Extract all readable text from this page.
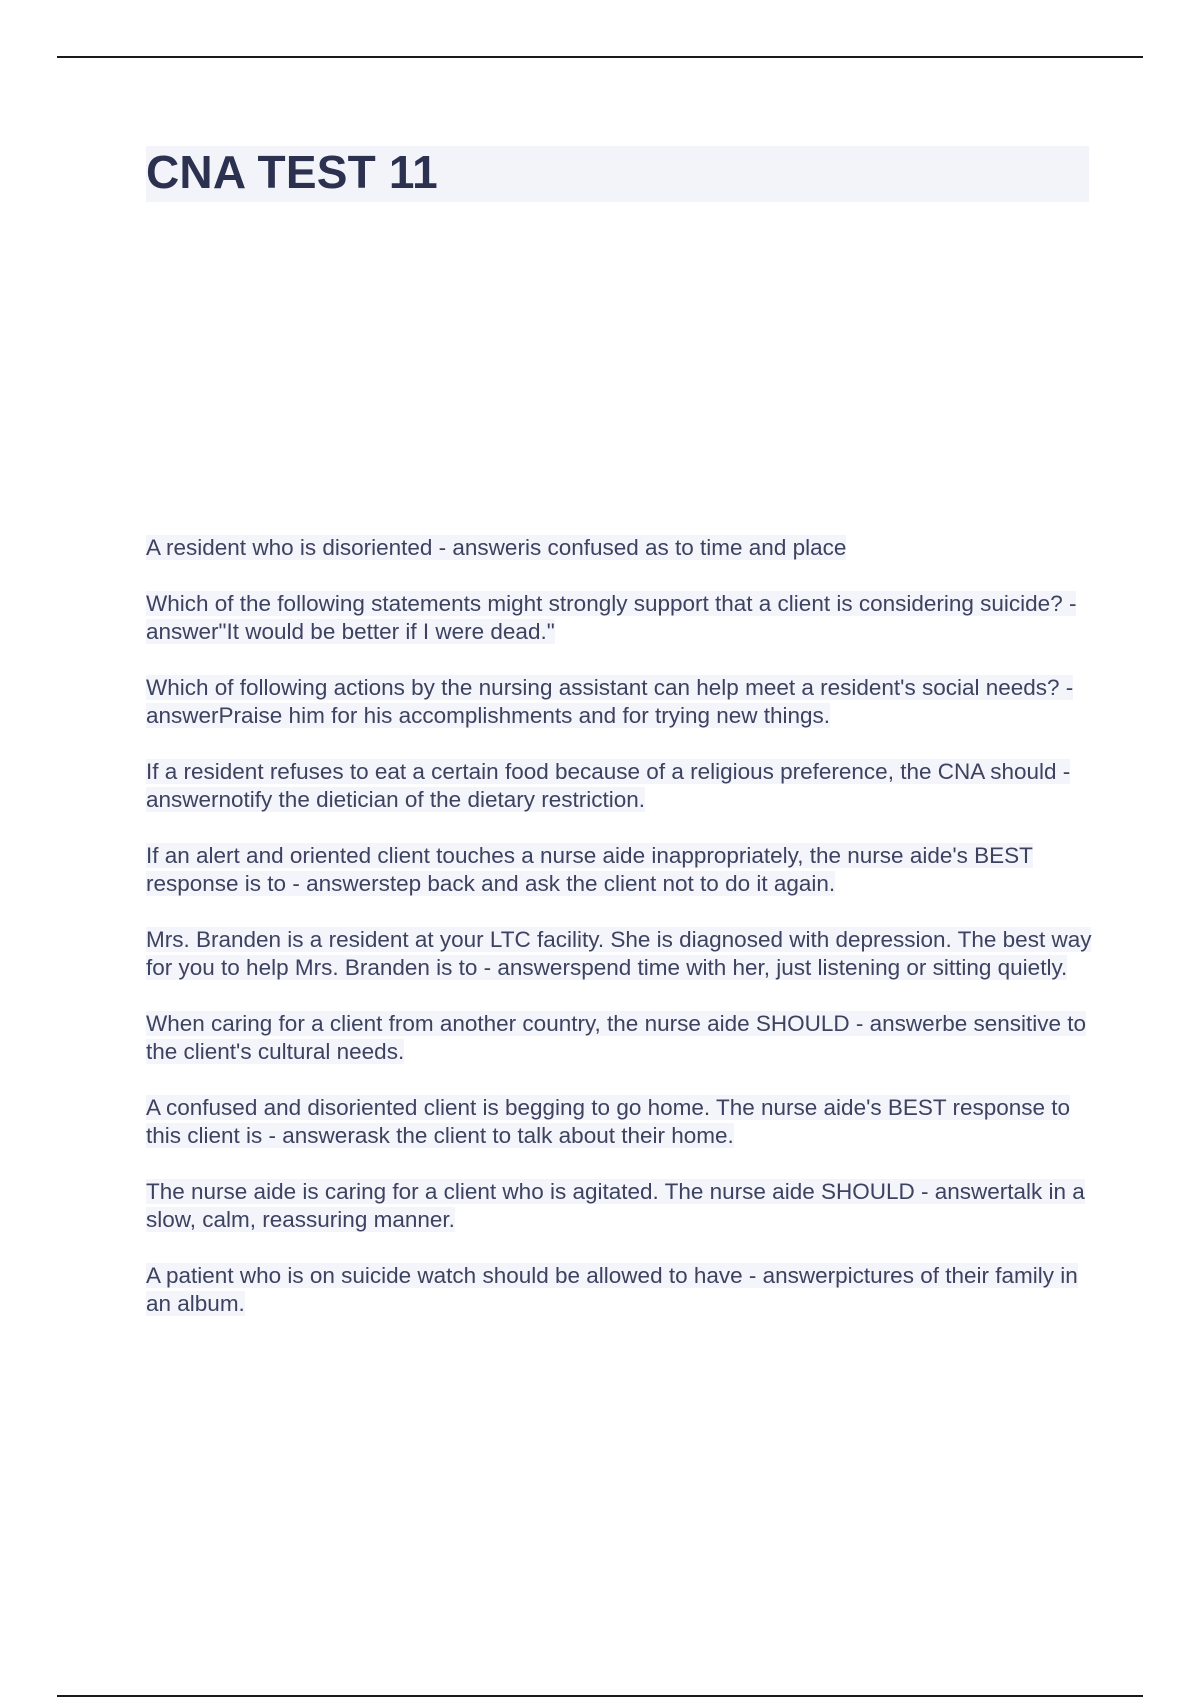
CNA TEST 11
A resident who is disoriented - answeris confused as to time and place
Which of the following statements might strongly support that a client is considering suicide? - answer"It would be better if I were dead."
Which of following actions by the nursing assistant can help meet a resident's social needs? - answerPraise him for his accomplishments and for trying new things.
If a resident refuses to eat a certain food because of a religious preference, the CNA should - answernotify the dietician of the dietary restriction.
If an alert and oriented client touches a nurse aide inappropriately, the nurse aide's BEST response is to - answerstep back and ask the client not to do it again.
Mrs. Branden is a resident at your LTC facility. She is diagnosed with depression. The best way for you to help Mrs. Branden is to - answerspend time with her, just listening or sitting quietly.
When caring for a client from another country, the nurse aide SHOULD - answerbe sensitive to the client's cultural needs.
A confused and disoriented client is begging to go home. The nurse aide's BEST response to this client is - answerask the client to talk about their home.
The nurse aide is caring for a client who is agitated. The nurse aide SHOULD - answertalk in a slow, calm, reassuring manner.
A patient who is on suicide watch should be allowed to have - answerpictures of their family in an album.
